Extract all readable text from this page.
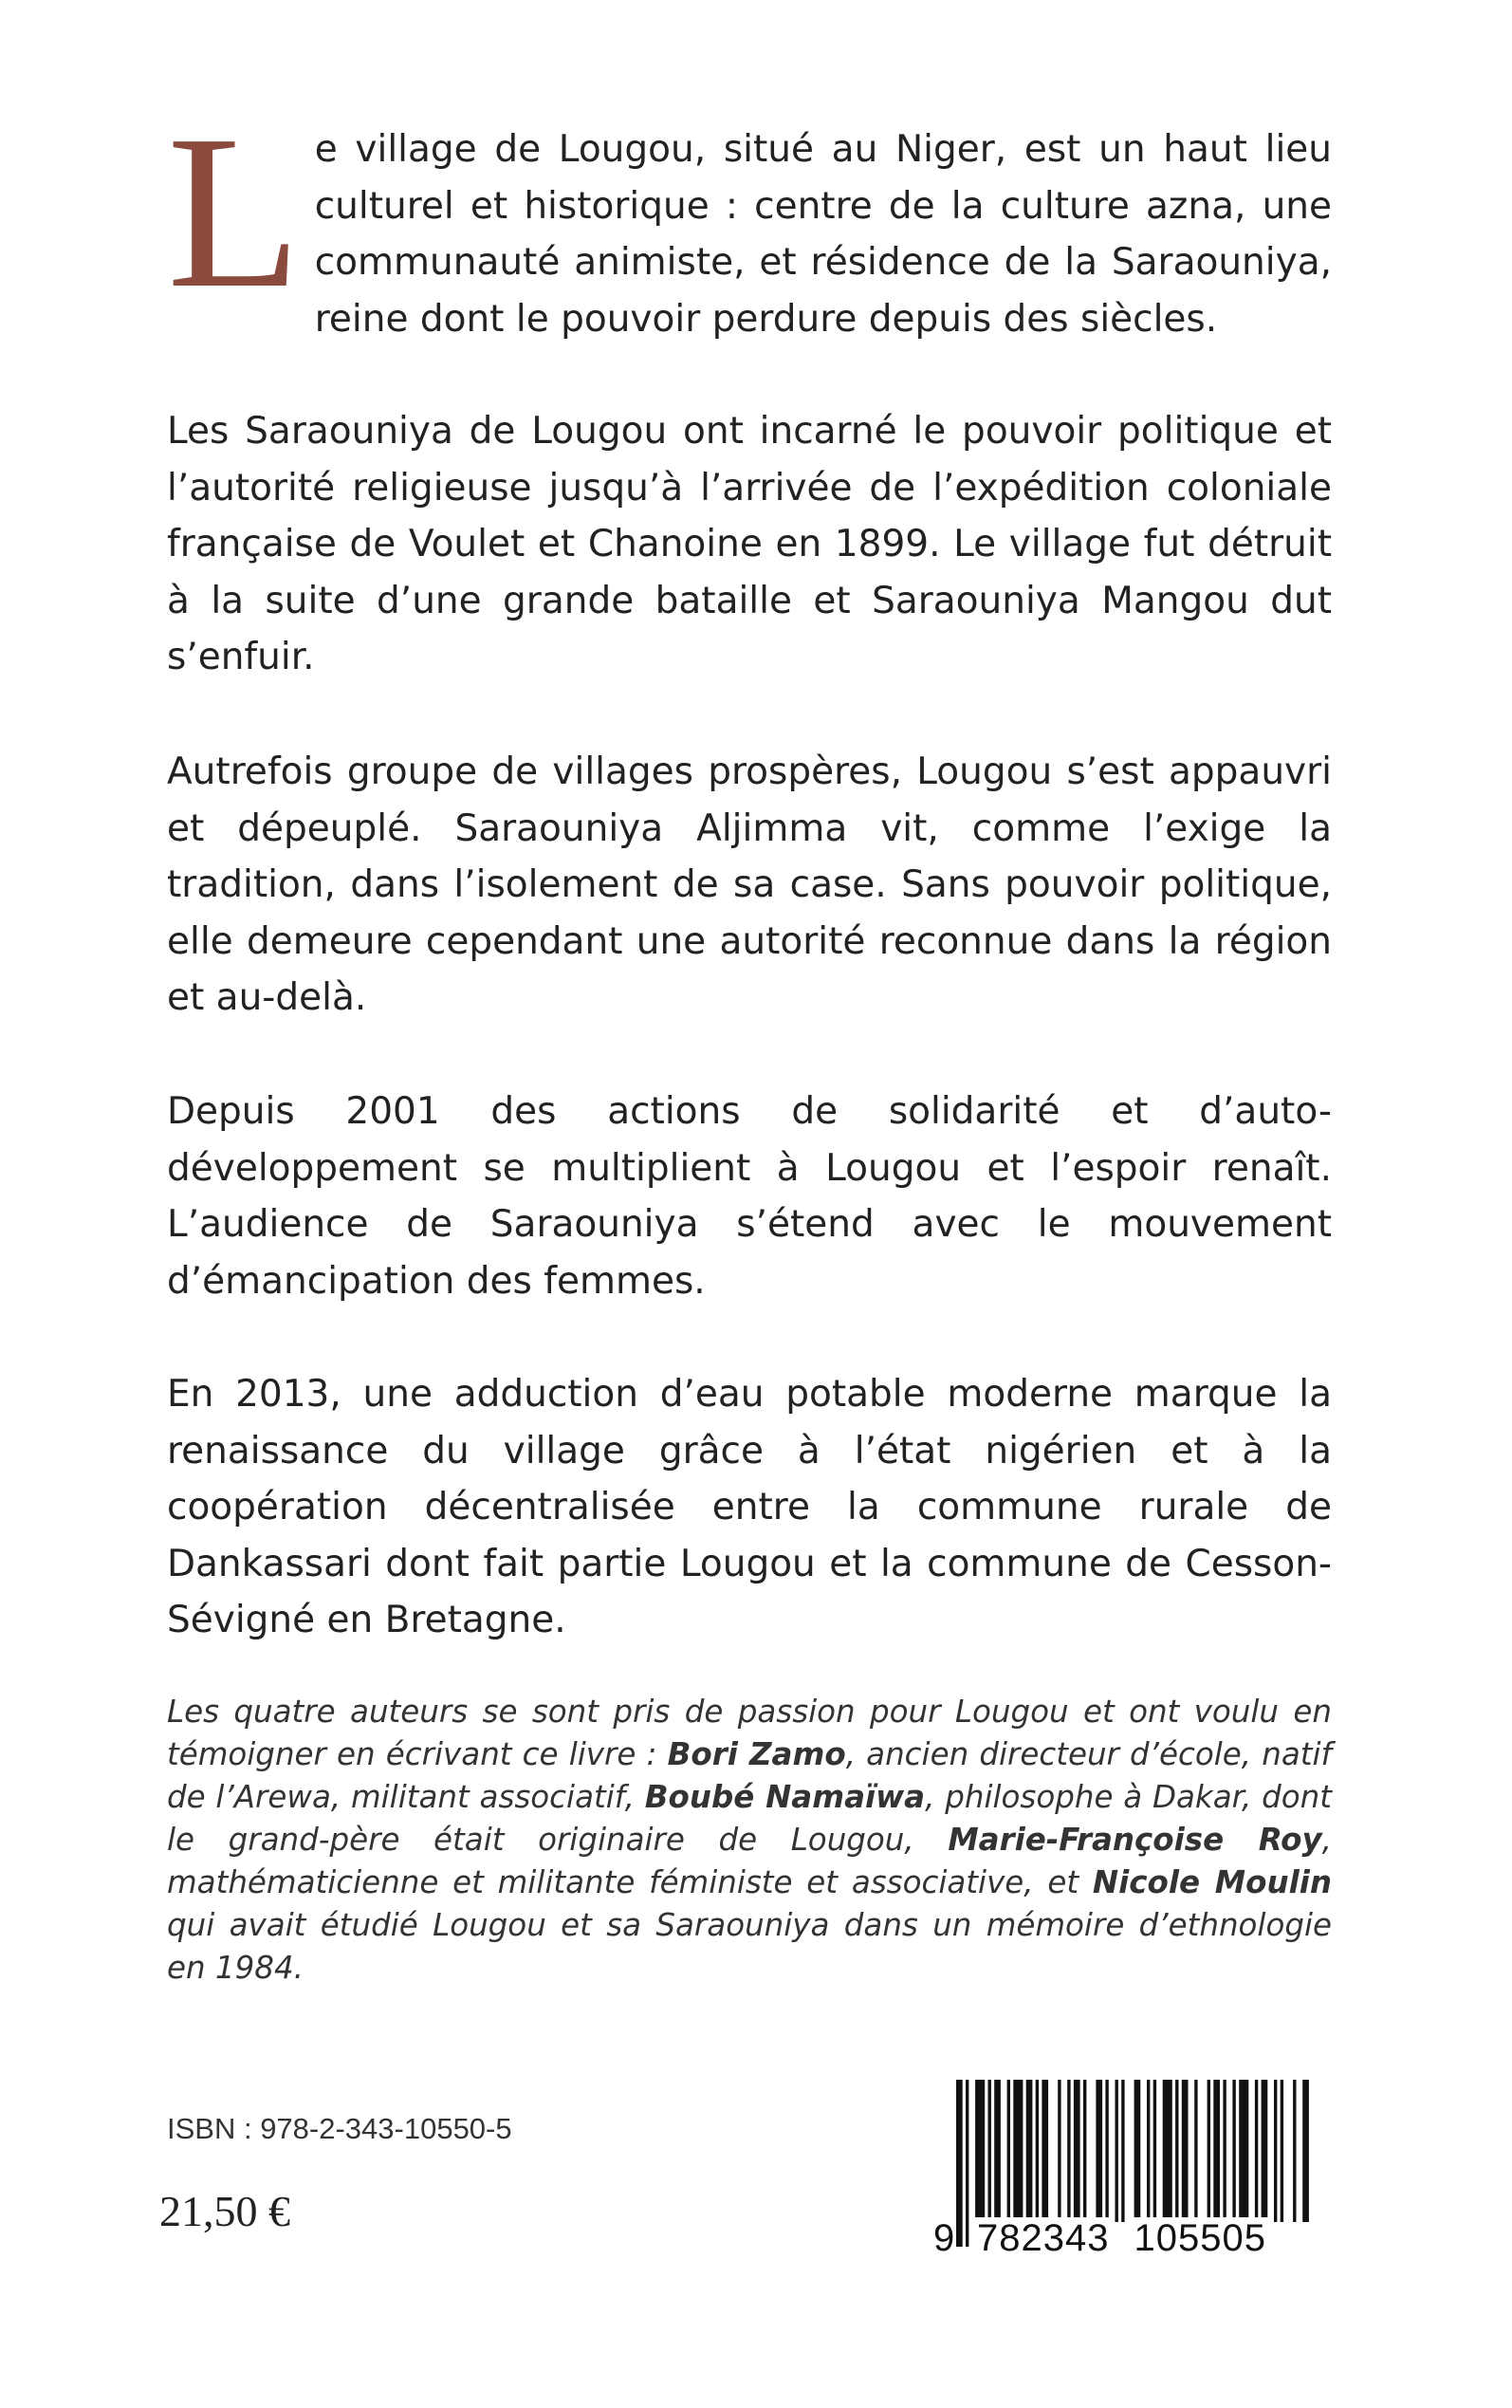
Le village de Lougou, situé au Niger, est un haut lieu culturel et historique : centre de la culture azna, une communauté animiste, et résidence de la Saraouniya, reine dont le pouvoir perdure depuis des siècles.

Les Saraouniya de Lougou ont incarné le pouvoir politique et l’autorité religieuse jusqu’à l’arrivée de l’expédition coloniale française de Voulet et Chanoine en 1899. Le village fut détruit à la suite d’une grande bataille et Saraouniya Mangou dut s’enfuir.

Autrefois groupe de villages prospères, Lougou s’est appauvri et dépeuplé. Saraouniya Aljimma vit, comme l’exige la tradition, dans l’isolement de sa case. Sans pouvoir politique, elle demeure cependant une autorité reconnue dans la région et au-delà.

Depuis 2001 des actions de solidarité et d’auto-développement se multiplient à Lougou et l’espoir renaît. L’audience de Saraouniya s’étend avec le mouvement d’émancipation des femmes.

En 2013, une adduction d’eau potable moderne marque la renaissance du village grâce à l’état nigérien et à la coopération décentralisée entre la commune rurale de Dankassari dont fait partie Lougou et la commune de Cesson-Sévigné en Bretagne.

Les quatre auteurs se sont pris de passion pour Lougou et ont voulu en témoigner en écrivant ce livre : Bori Zamo, ancien directeur d’école, natif de l’Arewa, militant associatif, Boubé Namaïwa, philosophe à Dakar, dont le grand-père était originaire de Lougou, Marie-Françoise Roy, mathématicienne et militante féministe et associative, et Nicole Moulin qui avait étudié Lougou et sa Saraouniya dans un mémoire d’ethnologie en 1984.

ISBN : 978-2-343-10550-5
21,50 €
9 782343 105505
